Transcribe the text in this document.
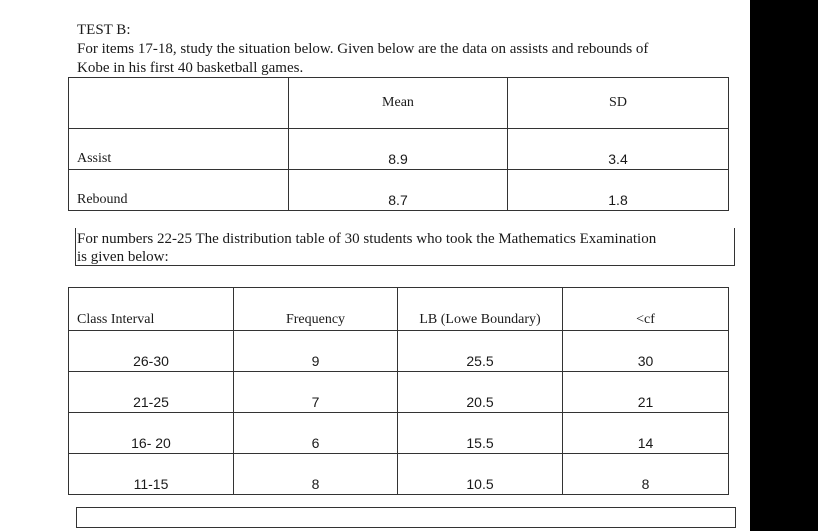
TEST B:
For items 17-18, study the situation below. Given below are the data on assists and rebounds of
Kobe in his first 40 basketball games.
	Mean	SD
Assist	8.9	3.4
Rebound	8.7	1.8
For numbers 22-25 The distribution table of 30 students who took the Mathematics Examination
is given below:
Class Interval	Frequency	LB (Lowe Boundary)	<cf
26-30	9	25.5	30
21-25	7	20.5	21
16- 20	6	15.5	14
11-15	8	10.5	8
